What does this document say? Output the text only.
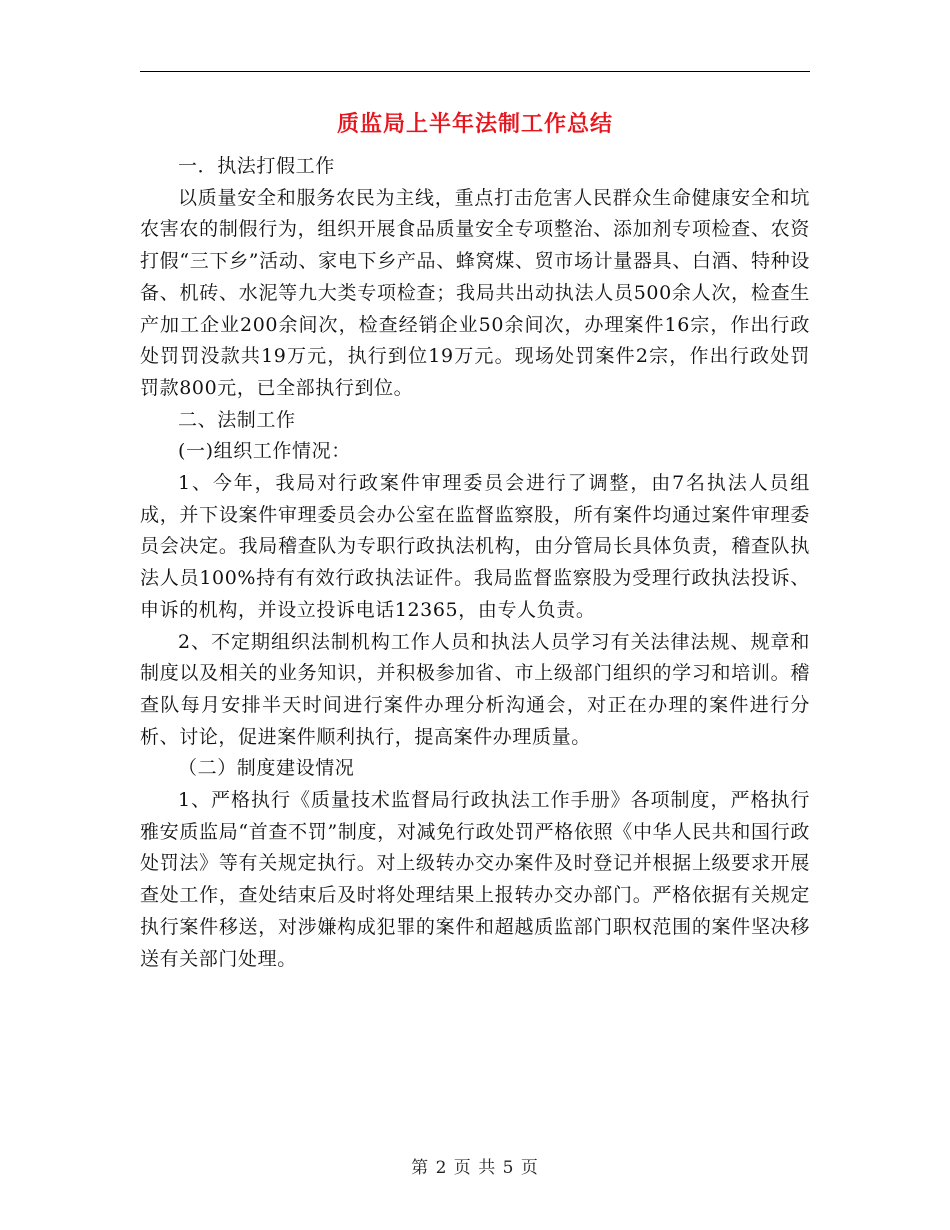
质监局上半年法制工作总结

一．执法打假工作

以质量安全和服务农民为主线，重点打击危害人民群众生命健康安全和坑农害农的制假行为，组织开展食品质量安全专项整治、添加剂专项检查、农资打假“三下乡”活动、家电下乡产品、蜂窝煤、贸市场计量器具、白酒、特种设备、机砖、水泥等九大类专项检查；我局共出动执法人员500余人次，检查生产加工企业200余间次，检查经销企业50余间次，办理案件16宗，作出行政处罚罚没款共19万元，执行到位19万元。现场处罚案件2宗，作出行政处罚罚款800元，已全部执行到位。

二、法制工作

(一)组织工作情况：

1、今年，我局对行政案件审理委员会进行了调整，由7名执法人员组成，并下设案件审理委员会办公室在监督监察股，所有案件均通过案件审理委员会决定。我局稽查队为专职行政执法机构，由分管局长具体负责，稽查队执法人员100%持有有效行政执法证件。我局监督监察股为受理行政执法投诉、申诉的机构，并设立投诉电话12365，由专人负责。

2、不定期组织法制机构工作人员和执法人员学习有关法律法规、规章和制度以及相关的业务知识，并积极参加省、市上级部门组织的学习和培训。稽查队每月安排半天时间进行案件办理分析沟通会，对正在办理的案件进行分析、讨论，促进案件顺利执行，提高案件办理质量。

（二）制度建设情况

1、严格执行《质量技术监督局行政执法工作手册》各项制度，严格执行雅安质监局“首查不罚”制度，对减免行政处罚严格依照《中华人民共和国行政处罚法》等有关规定执行。对上级转办交办案件及时登记并根据上级要求开展查处工作，查处结束后及时将处理结果上报转办交办部门。严格依据有关规定执行案件移送，对涉嫌构成犯罪的案件和超越质监部门职权范围的案件坚决移送有关部门处理。

第 2 页 共 5 页
